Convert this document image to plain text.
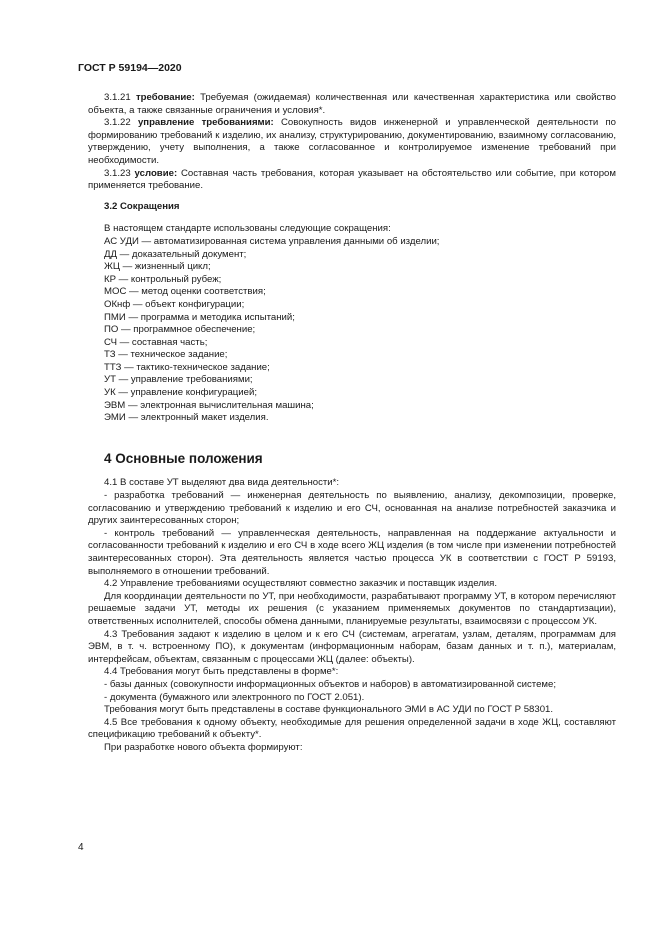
ГОСТ Р 59194—2020

3.1.21 требование: Требуемая (ожидаемая) количественная или качественная характеристика или свойство объекта, а также связанные ограничения и условия*.

3.1.22 управление требованиями: Совокупность видов инженерной и управленческой деятельности по формированию требований к изделию, их анализу, структурированию, документированию, взаимному согласованию, утверждению, учету выполнения, а также согласованное и контролируемое изменение требований при необходимости.

3.1.23 условие: Составная часть требования, которая указывает на обстоятельство или событие, при котором применяется требование.

3.2 Сокращения

В настоящем стандарте использованы следующие сокращения:

АС УДИ — автоматизированная система управления данными об изделии;

ДД — доказательный документ;

ЖЦ — жизненный цикл;

КР — контрольный рубеж;

МОС — метод оценки соответствия;

ОКнф — объект конфигурации;

ПМИ — программа и методика испытаний;

ПО — программное обеспечение;

СЧ — составная часть;

ТЗ — техническое задание;

ТТЗ — тактико-техническое задание;

УТ — управление требованиями;

УК — управление конфигурацией;

ЭВМ — электронная вычислительная машина;

ЭМИ — электронный макет изделия.

4 Основные положения

4.1 В составе УТ выделяют два вида деятельности*:

- разработка требований — инженерная деятельность по выявлению, анализу, декомпозиции, проверке, согласованию и утверждению требований к изделию и его СЧ, основанная на анализе потребностей заказчика и других заинтересованных сторон;

- контроль требований — управленческая деятельность, направленная на поддержание актуальности и согласованности требований к изделию и его СЧ в ходе всего ЖЦ изделия (в том числе при изменении потребностей заинтересованных сторон). Эта деятельность является частью процесса УК в соответствии с ГОСТ Р 59193, выполняемого в отношении требований.

4.2 Управление требованиями осуществляют совместно заказчик и поставщик изделия.

Для координации деятельности по УТ, при необходимости, разрабатывают программу УТ, в котором перечисляют решаемые задачи УТ, методы их решения (с указанием применяемых документов по стандартизации), ответственных исполнителей, способы обмена данными, планируемые результаты, взаимосвязи с процессом УК.

4.3 Требования задают к изделию в целом и к его СЧ (системам, агрегатам, узлам, деталям, программам для ЭВМ, в т. ч. встроенному ПО), к документам (информационным наборам, базам данных и т. п.), материалам, интерфейсам, объектам, связанным с процессами ЖЦ (далее: объекты).

4.4 Требования могут быть представлены в форме*:

- базы данных (совокупности информационных объектов и наборов) в автоматизированной системе;

- документа (бумажного или электронного по ГОСТ 2.051).

Требования могут быть представлены в составе функционального ЭМИ в АС УДИ по ГОСТ Р 58301.

4.5 Все требования к одному объекту, необходимые для решения определенной задачи в ходе ЖЦ, составляют спецификацию требований к объекту*.

При разработке нового объекта формируют:

4
